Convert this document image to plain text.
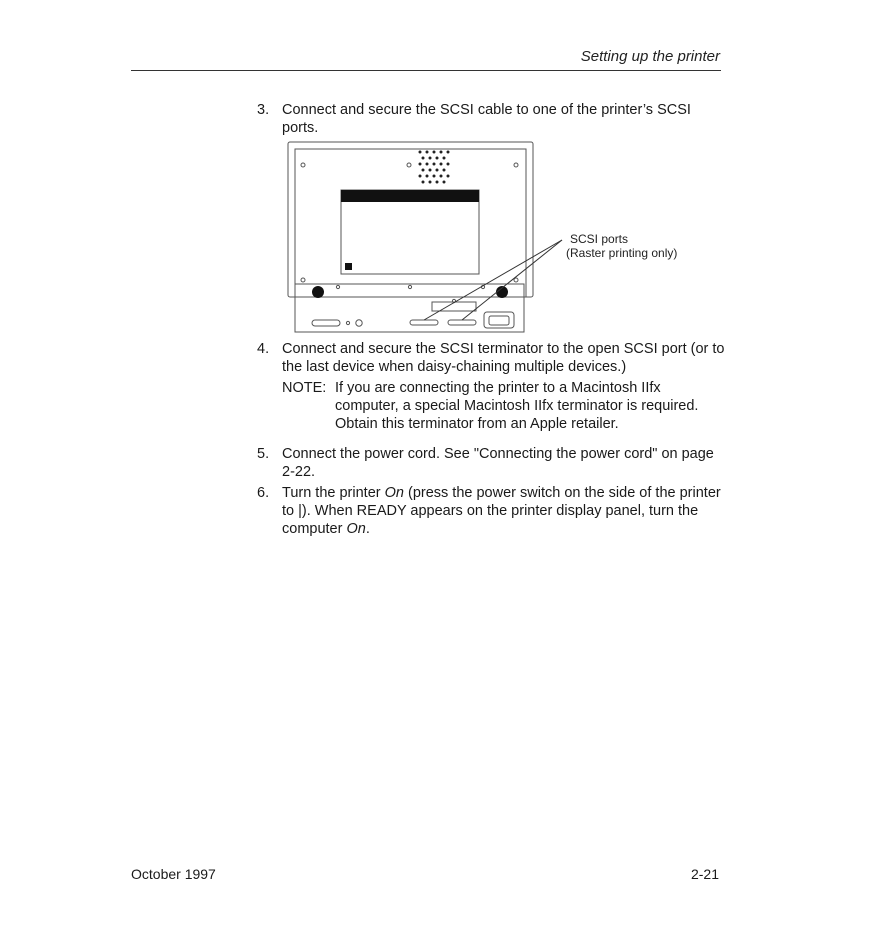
Setting up the printer
3. Connect and secure the SCSI cable to one of the printer’s SCSI ports.
SCSI ports
(Raster printing only)
4. Connect and secure the SCSI terminator to the open SCSI port (or to the last device when daisy-chaining multiple devices.)
NOTE: If you are connecting the printer to a Macintosh IIfx computer, a special Macintosh IIfx terminator is required. Obtain this terminator from an Apple retailer.
5. Connect the power cord. See "Connecting the power cord" on page 2-22.
6. Turn the printer On (press the power switch on the side of the printer to |). When READY appears on the printer display panel, turn the computer On.
October 1997	2-21
